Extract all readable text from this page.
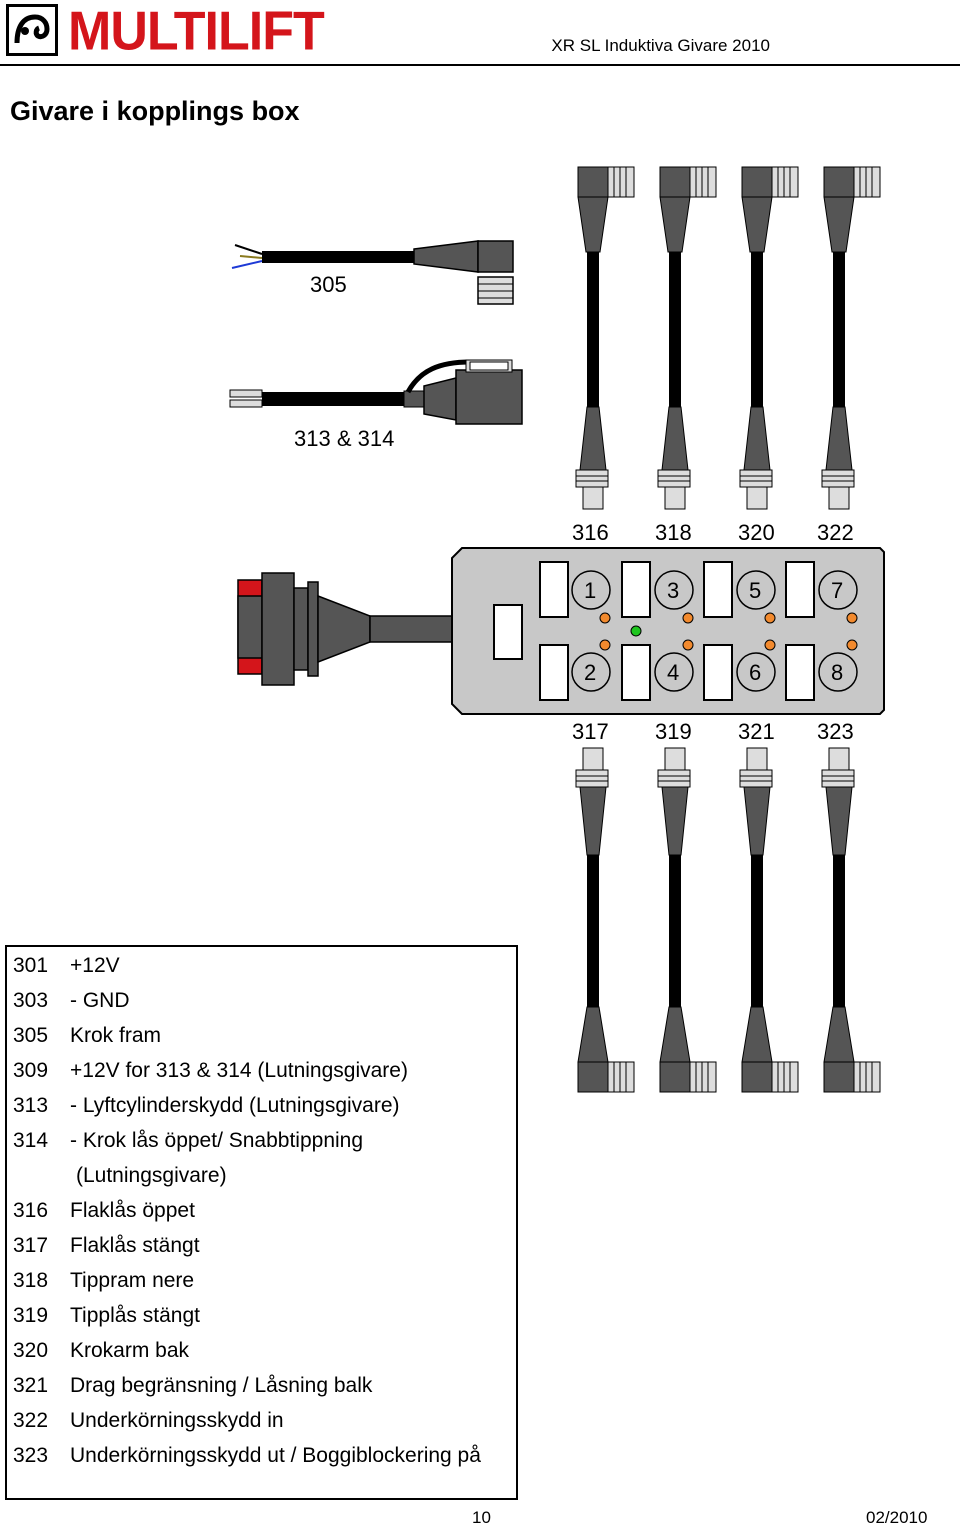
MULTILIFT	XR SL Induktiva Givare 2010
Givare i kopplings box
305
313 & 314
316 318 320 322
1	3	5	7
2	4	6	8
317 319 321 323
301 +12V
303 - GND
305 Krok fram
309 +12V for 313 & 314 (Lutningsgivare)
313 - Lyftcylinderskydd (Lutningsgivare)
314 - Krok lås öppet/ Snabbtippning
(Lutningsgivare)
316 Flaklås öppet
317 Flaklås stängt
318 Tippram nere
319 Tipplås stängt
320 Krokarm bak
321 Drag begränsning / Låsning balk
322 Underkörningsskydd in
323 Underkörningsskydd ut / Boggiblockering på
10	02/2010
